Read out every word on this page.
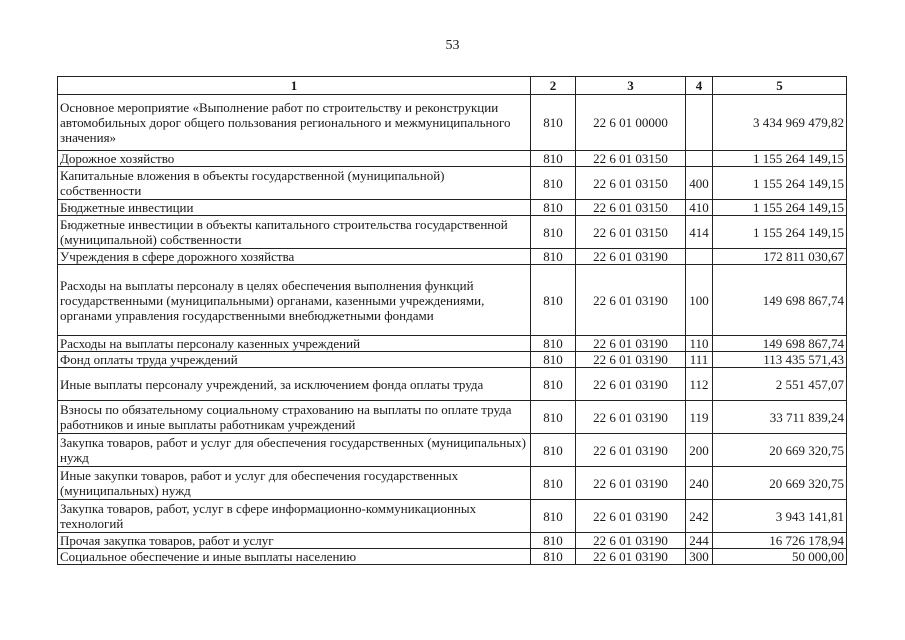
53
1	2	3	4	5
Основное мероприятие «Выполнение работ по строительству и реконструкции автомобильных дорог общего пользования регионального и межмуниципального значения»	810	22 6 01 00000		3 434 969 479,82
Дорожное хозяйство	810	22 6 01 03150		1 155 264 149,15
Капитальные вложения в объекты государственной (муниципальной) собственности	810	22 6 01 03150	400	1 155 264 149,15
Бюджетные инвестиции	810	22 6 01 03150	410	1 155 264 149,15
Бюджетные инвестиции в объекты капитального строительства государственной (муниципальной) собственности	810	22 6 01 03150	414	1 155 264 149,15
Учреждения в сфере дорожного хозяйства	810	22 6 01 03190		172 811 030,67
Расходы на выплаты персоналу в целях обеспечения выполнения функций государственными (муниципальными) органами, казенными учреждениями, органами управления государственными внебюджетными фондами	810	22 6 01 03190	100	149 698 867,74
Расходы на выплаты персоналу казенных учреждений	810	22 6 01 03190	110	149 698 867,74
Фонд оплаты труда учреждений	810	22 6 01 03190	111	113 435 571,43
Иные выплаты персоналу учреждений, за исключением фонда оплаты труда	810	22 6 01 03190	112	2 551 457,07
Взносы по обязательному социальному страхованию на выплаты по оплате труда работников и иные выплаты работникам учреждений	810	22 6 01 03190	119	33 711 839,24
Закупка товаров, работ и услуг для обеспечения государственных (муниципальных) нужд	810	22 6 01 03190	200	20 669 320,75
Иные закупки товаров, работ и услуг для обеспечения государственных (муниципальных) нужд	810	22 6 01 03190	240	20 669 320,75
Закупка товаров, работ, услуг в сфере информационно-коммуникационных технологий	810	22 6 01 03190	242	3 943 141,81
Прочая закупка товаров, работ и услуг	810	22 6 01 03190	244	16 726 178,94
Социальное обеспечение и иные выплаты населению	810	22 6 01 03190	300	50 000,00
